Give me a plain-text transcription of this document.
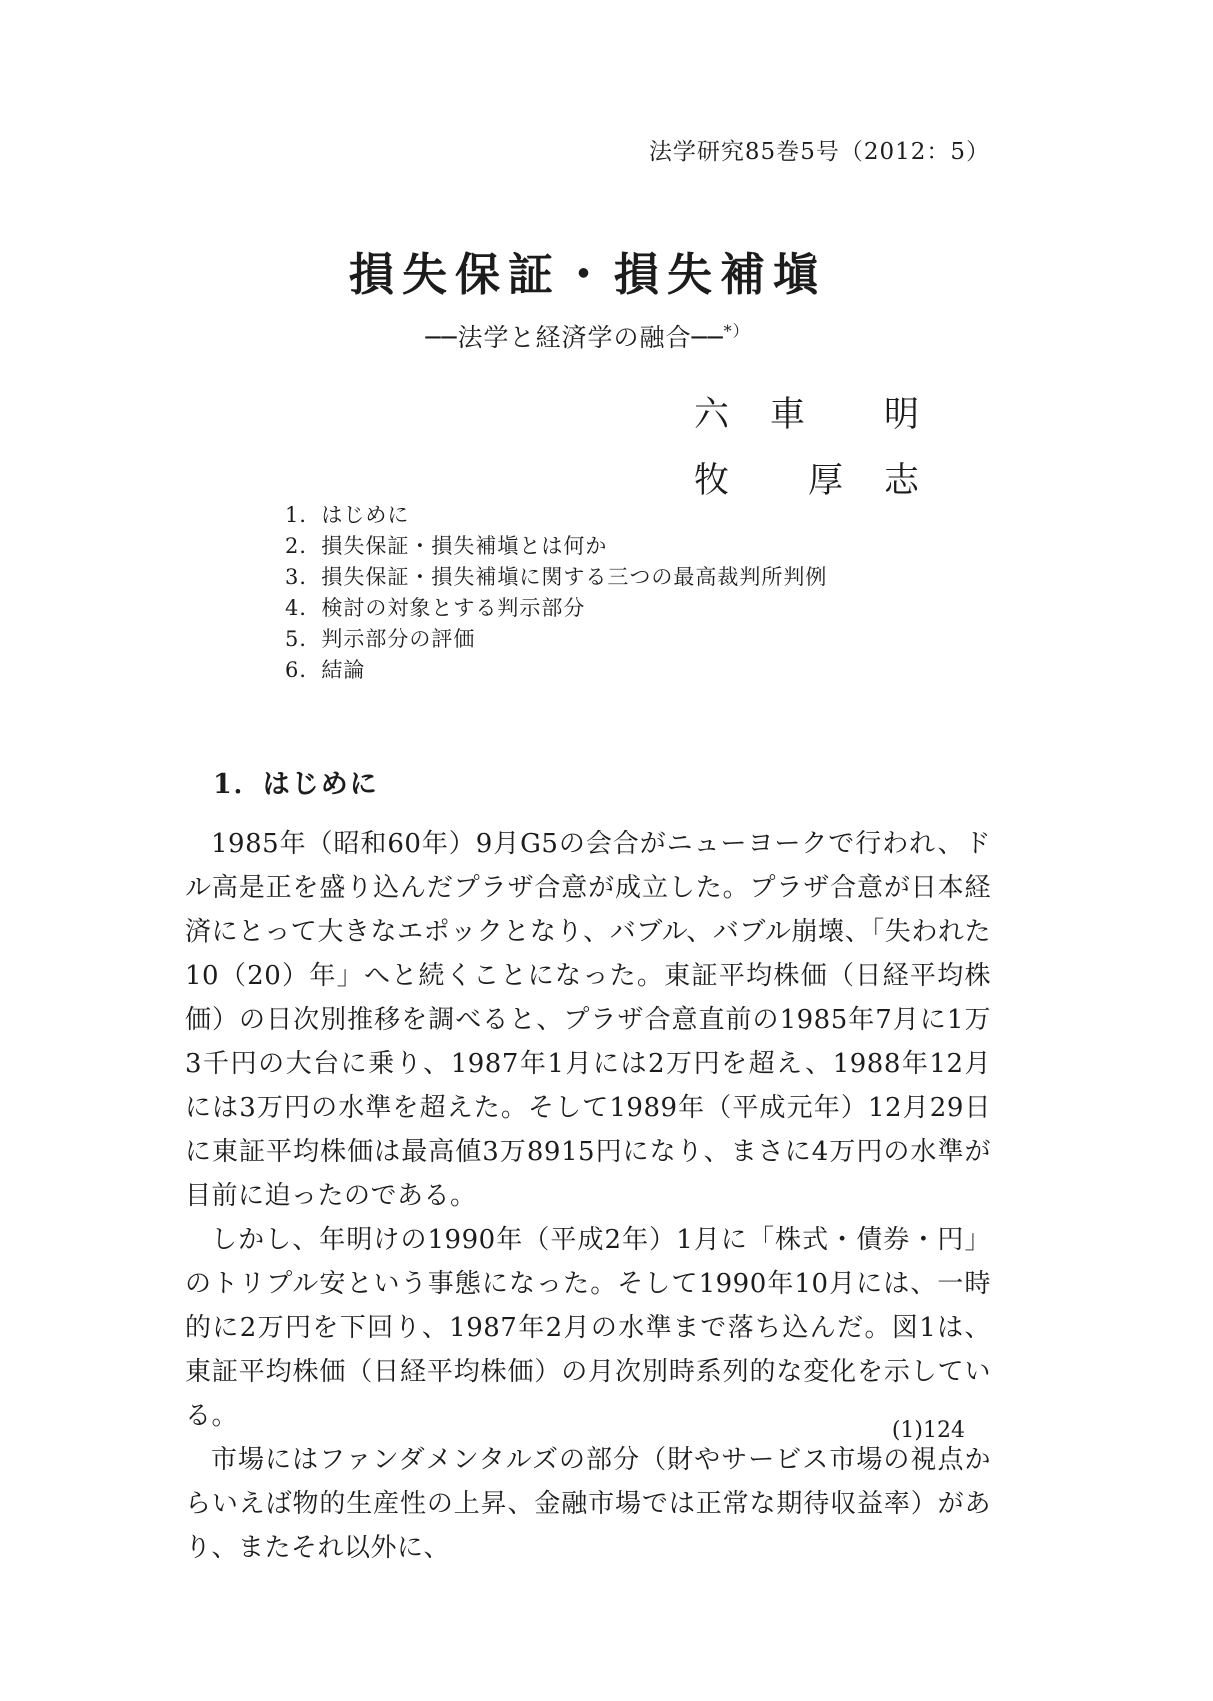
法学研究85巻5号（2012：5）
損失保証・損失補塡
──法学と経済学の融合──*）
六　車　　明
牧　　厚　志
1．はじめに
2．損失保証・損失補塡とは何か
3．損失保証・損失補塡に関する三つの最高裁判所判例
4．検討の対象とする判示部分
5．判示部分の評価
6．結論
1．はじめに

1985年（昭和60年）9月G5の会合がニューヨークで行われ、ドル高是正を盛り込んだプラザ合意が成立した。プラザ合意が日本経済にとって大きなエポックとなり、バブル、バブル崩壊、「失われた10（20）年」へと続くことになった。東証平均株価（日経平均株価）の日次別推移を調べると、プラザ合意直前の1985年7月に1万3千円の大台に乗り、1987年1月には2万円を超え、1988年12月には3万円の水準を超えた。そして1989年（平成元年）12月29日に東証平均株価は最高値3万8915円になり、まさに4万円の水準が目前に迫ったのである。

しかし、年明けの1990年（平成2年）1月に「株式・債券・円」のトリプル安という事態になった。そして1990年10月には、一時的に2万円を下回り、1987年2月の水準まで落ち込んだ。図1は、東証平均株価（日経平均株価）の月次別時系列的な変化を示している。

市場にはファンダメンタルズの部分（財やサービス市場の視点からいえば物的生産性の上昇、金融市場では正常な期待収益率）があり、またそれ以外に、

(1)124
